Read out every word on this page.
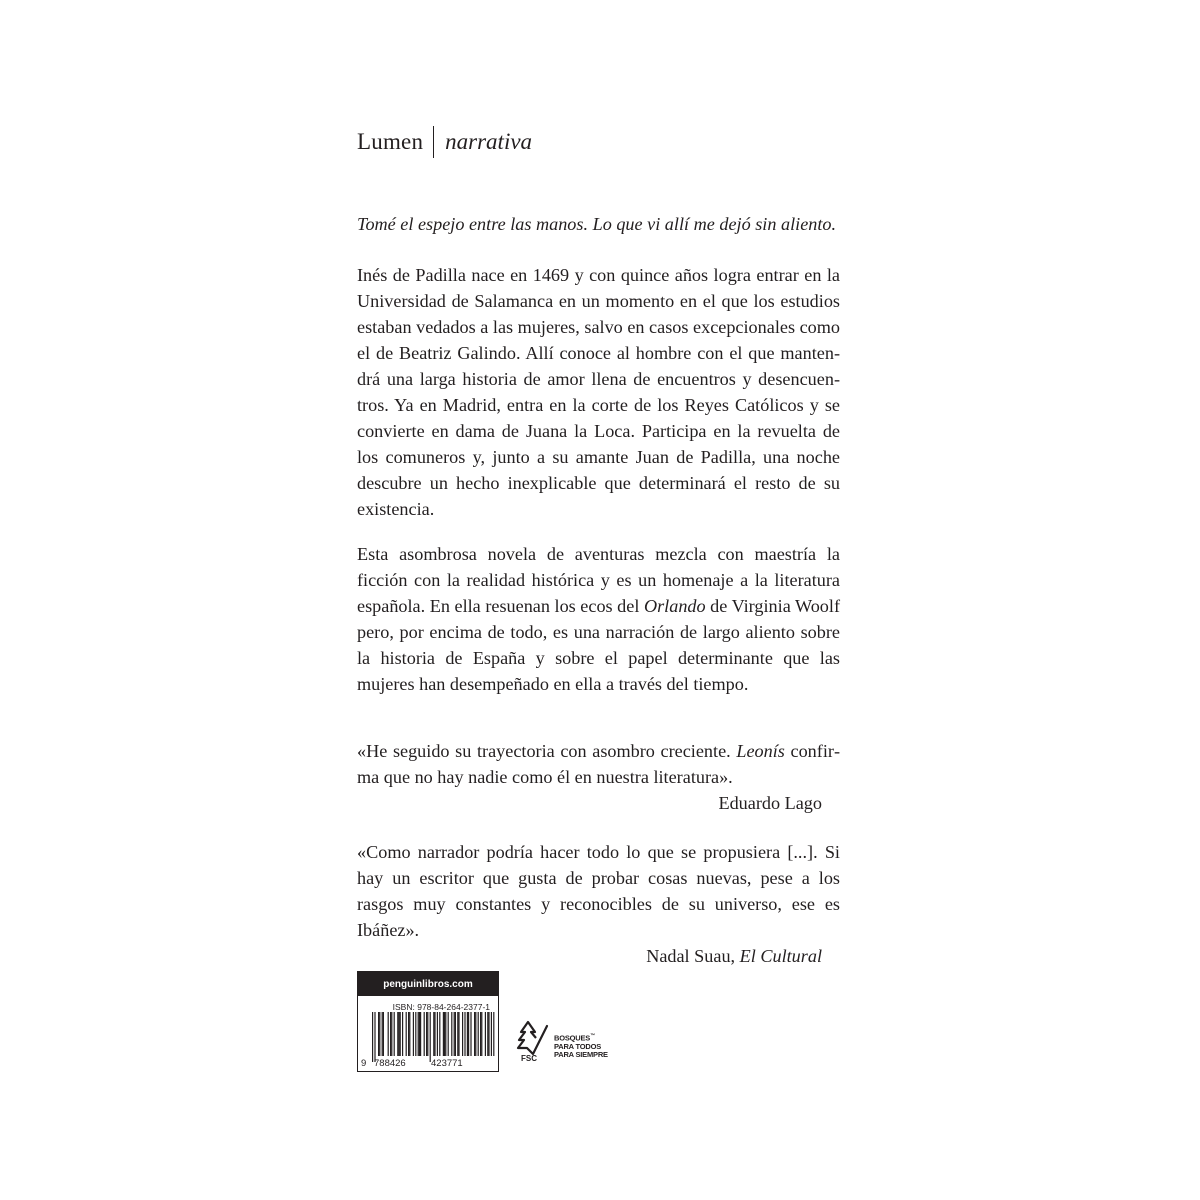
Lumen narrativa

Tomé el espejo entre las manos. Lo que vi allí me dejó sin aliento.

Inés de Padilla nace en 1469 y con quince años logra entrar en la Universidad de Salamanca en un momento en el que los estudios estaban vedados a las mujeres, salvo en casos excepcionales como el de Beatriz Galindo. Allí conoce al hombre con el que mantendrá una larga historia de amor llena de encuentros y desencuentros. Ya en Madrid, entra en la corte de los Reyes Católicos y se convierte en dama de Juana la Loca. Participa en la revuelta de los comuneros y, junto a su amante Juan de Padilla, una noche descubre un hecho inexplicable que determinará el resto de su existencia.

Esta asombrosa novela de aventuras mezcla con maestría la ficción con la realidad histórica y es un homenaje a la literatura española. En ella resuenan los ecos del Orlando de Virginia Woolf pero, por encima de todo, es una narración de largo aliento sobre la historia de España y sobre el papel determinante que las mujeres han desempeñado en ella a través del tiempo.

«He seguido su trayectoria con asombro creciente. Leonís confirma que no hay nadie como él en nuestra literatura».

Eduardo Lago

«Como narrador podría hacer todo lo que se propusiera [...]. Si hay un escritor que gusta de probar cosas nuevas, pese a los rasgos muy constantes y reconocibles de su universo, ese es Ibáñez».

Nadal Suau, El Cultural

penguinlibros.com
ISBN: 978-84-264-2377-1
9 788426	423771
BOSQUES™
PARA TODOS
PARA SIEMPRE
FSC
